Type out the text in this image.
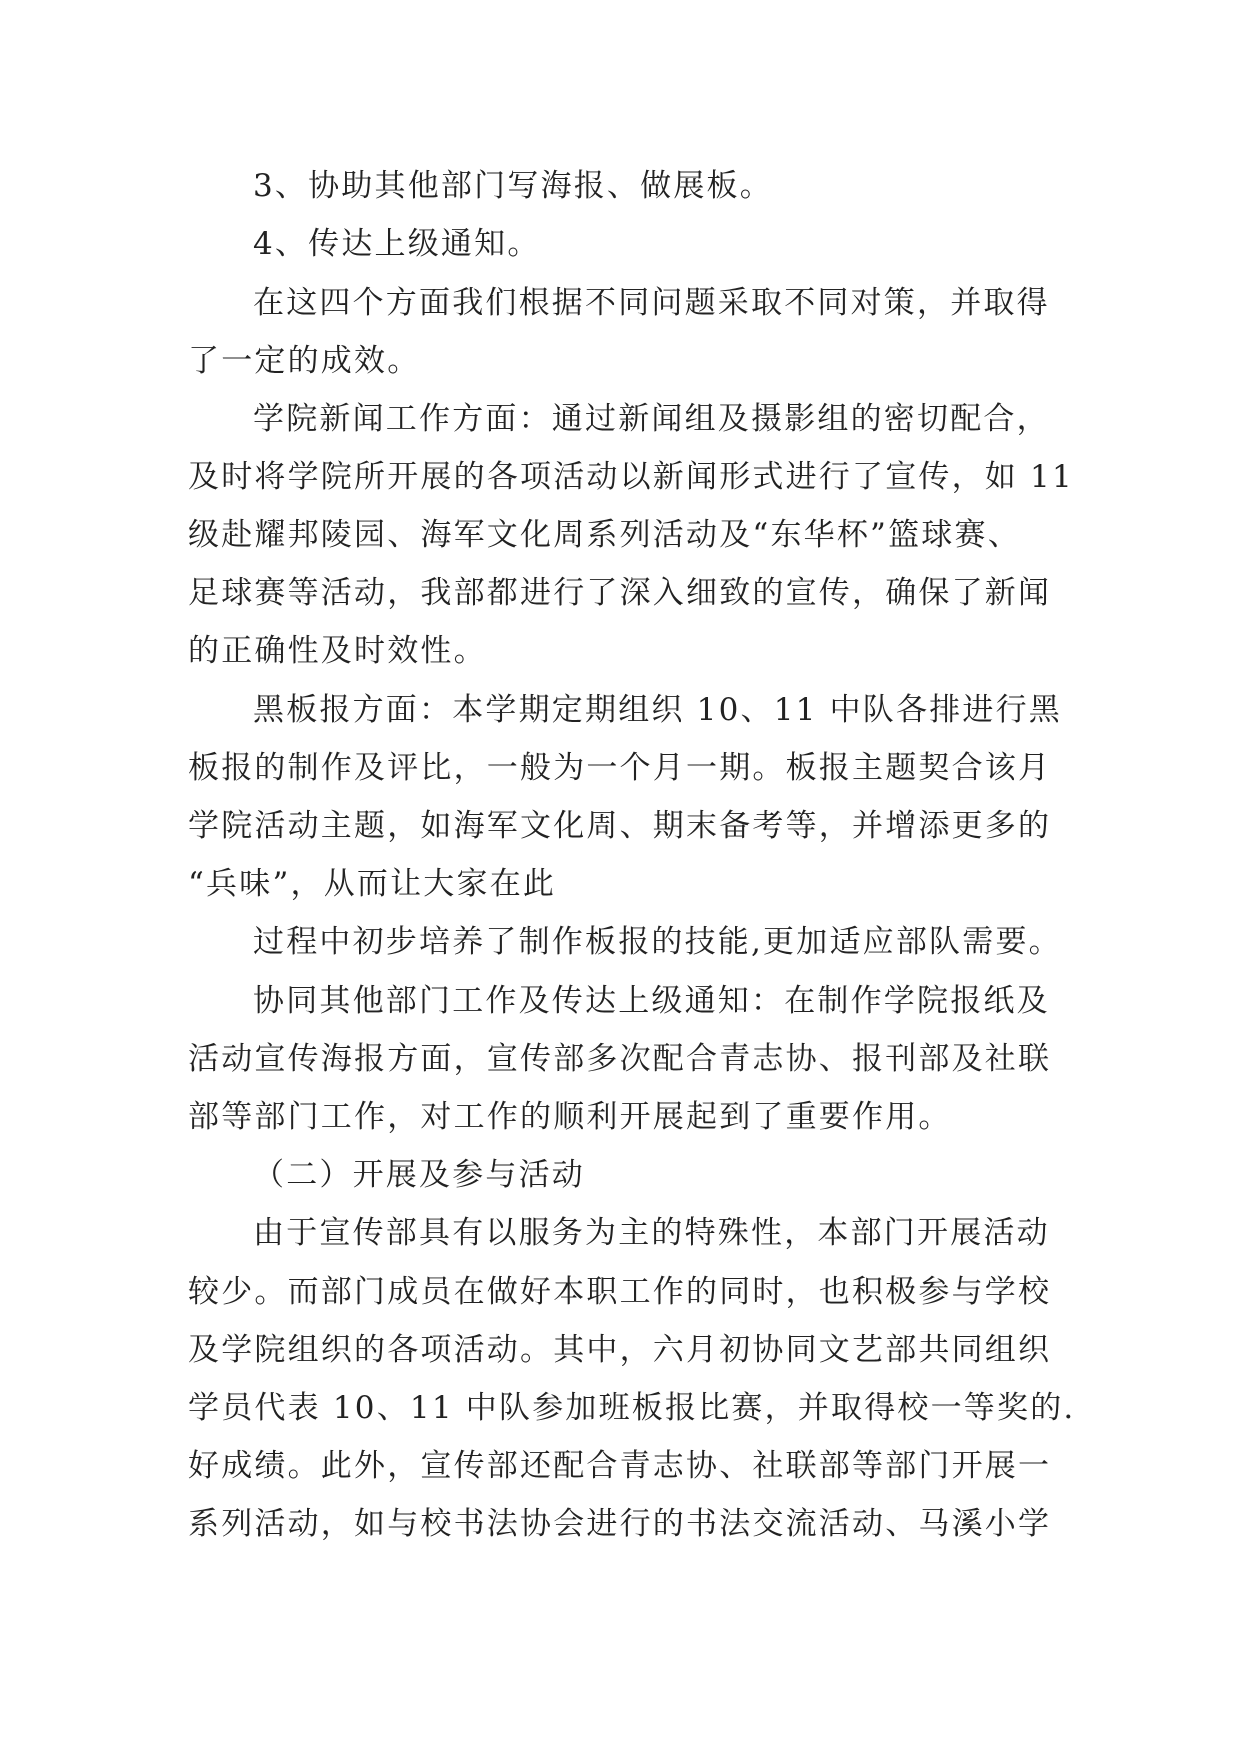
3、协助其他部门写海报、做展板。
4、传达上级通知。
在这四个方面我们根据不同问题采取不同对策，并取得
了一定的成效。
学院新闻工作方面：通过新闻组及摄影组的密切配合，
及时将学院所开展的各项活动以新闻形式进行了宣传，如 11
级赴耀邦陵园、海军文化周系列活动及“东华杯”篮球赛、
足球赛等活动，我部都进行了深入细致的宣传，确保了新闻
的正确性及时效性。
黑板报方面：本学期定期组织 10、11 中队各排进行黑
板报的制作及评比，一般为一个月一期。板报主题契合该月
学院活动主题，如海军文化周、期末备考等，并增添更多的
“兵味”，从而让大家在此
过程中初步培养了制作板报的技能,更加适应部队需要。
协同其他部门工作及传达上级通知：在制作学院报纸及
活动宣传海报方面，宣传部多次配合青志协、报刊部及社联
部等部门工作，对工作的顺利开展起到了重要作用。
（二）开展及参与活动
由于宣传部具有以服务为主的特殊性，本部门开展活动
较少。而部门成员在做好本职工作的同时，也积极参与学校
及学院组织的各项活动。其中，六月初协同文艺部共同组织
学员代表 10、11 中队参加班板报比赛，并取得校一等奖的.
好成绩。此外，宣传部还配合青志协、社联部等部门开展一
系列活动，如与校书法协会进行的书法交流活动、马溪小学
